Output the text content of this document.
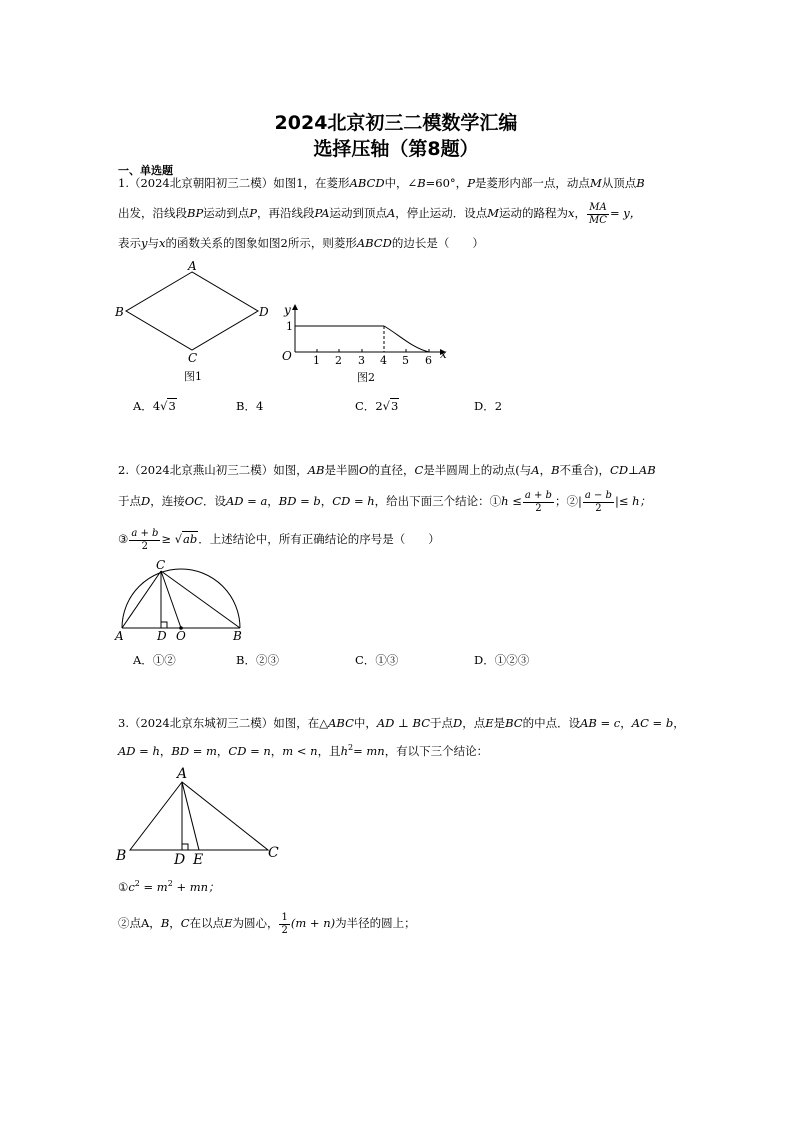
2024北京初三二模数学汇编
选择压轴（第8题）
一、单选题
1.（2024北京朝阳初三二模）如图1，在菱形ABCD中，∠B=60°，P是菱形内部一点，动点M从顶点B
出发，沿线段BP运动到点P，再沿线段PA运动到顶点A，停止运动．设点M运动的路程为x， $\frac{MA}{MC} = y$，
表示y与x的函数关系的图象如图2所示，则菱形ABCD的边长是（　　）
A
B
C
D
图1
y
x
O
1
1 2 3 4 5 6
图2
A．4√3	B．4	C．2√3	D．2
2.（2024北京燕山初三二模）如图，AB是半圆O的直径，C是半圆周上的动点(与A，B不重合)，CD⊥AB
于点D，连接OC．设AD = a，BD = b，CD = h，给出下面三个结论：①h ≤ $\frac{a + b}{2}$ ；②| $\frac{a - b}{2}$ |≤ h；
③ $\frac{a + b}{2} \ge √ab$．上述结论中，所有正确结论的序号是（　　）
C
A	D O	B
A．①②	B．②③	C．①③	D．①②③
3.（2024北京东城初三二模）如图，在△ABC中，AD ⊥ BC于点D，点E是BC的中点．设AB = c，AC = b，
AD = h，BD = m，CD = n，m < n，且$h^2=$ mn，有以下三个结论：
A
B	D E	C
$①c^2 = m^2$ + mn；
②点A，B，C在以点E为圆心， $\frac{1}{2} (m + n)$为半径的圆上；
